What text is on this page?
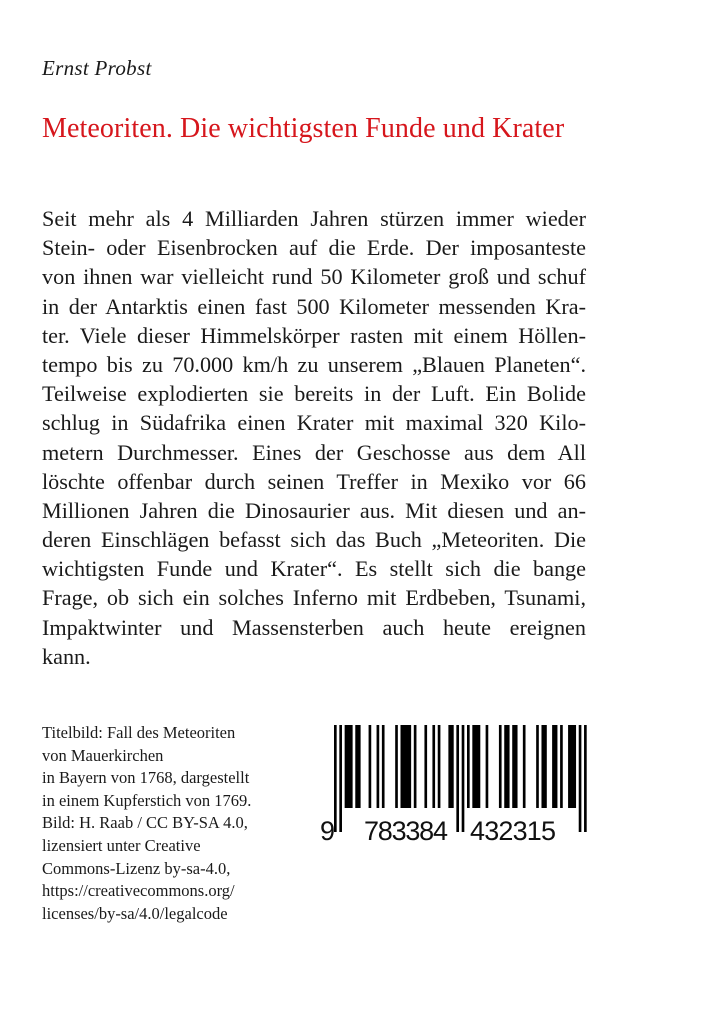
Ernst Probst
Meteoriten. Die wichtigsten Funde und Krater
Seit mehr als 4 Milliarden Jahren stürzen immer wieder
Stein- oder Eisenbrocken auf die Erde. Der imposanteste
von ihnen war vielleicht rund 50 Kilometer groß und schuf
in der Antarktis einen fast 500 Kilometer messenden Kra-
ter. Viele dieser Himmelskörper rasten mit einem Höllen-
tempo bis zu 70.000 km/h zu unserem „Blauen Planeten“.
Teilweise explodierten sie bereits in der Luft. Ein Bolide
schlug in Südafrika einen Krater mit maximal 320 Kilo-
metern Durchmesser. Eines der Geschosse aus dem All
löschte offenbar durch seinen Treffer in Mexiko vor 66
Millionen Jahren die Dinosaurier aus. Mit diesen und an-
deren Einschlägen befasst sich das Buch „Meteoriten. Die
wichtigsten Funde und Krater“. Es stellt sich die bange
Frage, ob sich ein solches Inferno mit Erdbeben, Tsunami,
Impaktwinter und Massensterben auch heute ereignen
kann.
Titelbild: Fall des Meteoriten
von Mauerkirchen
in Bayern von 1768, dargestellt
in einem Kupferstich von 1769.
Bild: H. Raab / CC BY-SA 4.0,
lizensiert unter Creative
Commons-Lizenz by-sa-4.0,
https://creativecommons.org/
licenses/by-sa/4.0/legalcode
9 783384 432315
